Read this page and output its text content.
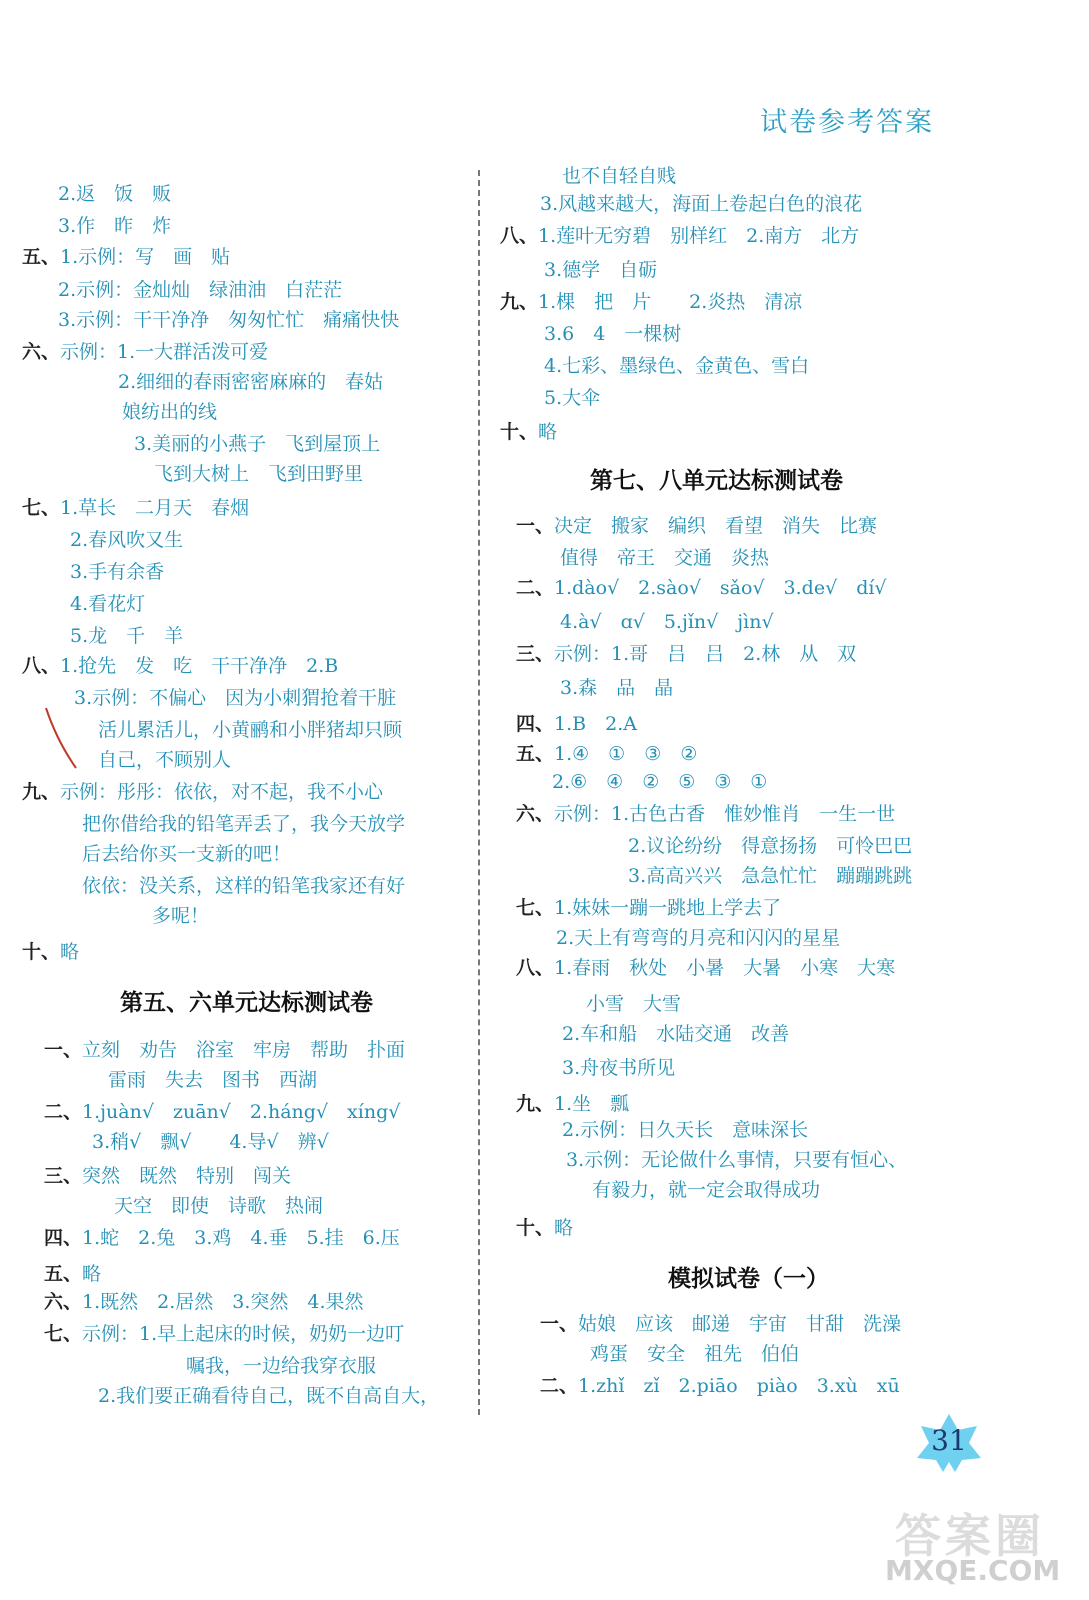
试卷参考答案
2.返　饭　贩
3.作　昨　炸
五、1.示例：写　画　贴
2.示例：金灿灿　绿油油　白茫茫
3.示例：干干净净　匆匆忙忙　痛痛快快
六、示例：1.一大群活泼可爱
2.细细的春雨密密麻麻的　春姑
娘纺出的线
3.美丽的小燕子　飞到屋顶上
飞到大树上　飞到田野里
七、1.草长　二月天　春烟
2.春风吹又生
3.手有余香
4.看花灯
5.龙　千　羊
八、1.抢先　发　吃　干干净净　2.B
3.示例：不偏心　因为小刺猬抢着干脏
活儿累活儿，小黄鹂和小胖猪却只顾
自己，不顾别人
九、示例：彤彤：依依，对不起，我不小心
把你借给我的铅笔弄丢了，我今天放学
后去给你买一支新的吧！
依依：没关系，这样的铅笔我家还有好
多呢！
十、略
第五、六单元达标测试卷
一、立刻　劝告　浴室　牢房　帮助　扑面
雷雨　失去　图书　西湖
二、1.juàn√　zuān√　2.háng√　xíng√
3.稍√　飘√　　4.导√　辨√
三、突然　既然　特别　闯关
天空　即使　诗歌　热闹
四、1.蛇　2.兔　3.鸡　4.垂　5.挂　6.压
五、略
六、1.既然　2.居然　3.突然　4.果然
七、示例：1.早上起床的时候，奶奶一边叮
嘱我，一边给我穿衣服
2.我们要正确看待自己，既不自高自大，
也不自轻自贱
3.风越来越大，海面上卷起白色的浪花
八、1.莲叶无穷碧　别样红　2.南方　北方
3.德学　自砺
九、1.棵　把　片　　2.炎热　清凉
3.6　4　一棵树
4.七彩、墨绿色、金黄色、雪白
5.大伞
十、略
第七、八单元达标测试卷
一、决定　搬家　编织　看望　消失　比赛
值得　帝王　交通　炎热
二、1.dào√　2.sào√　sǎo√　3.de√　dí√
4.à√　ɑ√　5.jǐn√　jìn√
三、示例：1.哥　吕　吕　2.林　从　双
3.森　品　晶
四、1.B　2.A
五、1.④　①　③　②
2.⑥　④　②　⑤　③　①
六、示例：1.古色古香　惟妙惟肖　一生一世
2.议论纷纷　得意扬扬　可怜巴巴
3.高高兴兴　急急忙忙　蹦蹦跳跳
七、1.妹妹一蹦一跳地上学去了
2.天上有弯弯的月亮和闪闪的星星
八、1.春雨　秋处　小暑　大暑　小寒　大寒
小雪　大雪
2.车和船　水陆交通　改善
3.舟夜书所见
九、1.坐　瓢
2.示例：日久天长　意味深长
3.示例：无论做什么事情，只要有恒心、
有毅力，就一定会取得成功
十、略
模拟试卷（一）
一、姑娘　应该　邮递　宇宙　甘甜　洗澡
鸡蛋　安全　祖先　伯伯
二、1.zhǐ　zǐ　2.piāo　piào　3.xù　xū
31
答案圈
MXQE.COM
